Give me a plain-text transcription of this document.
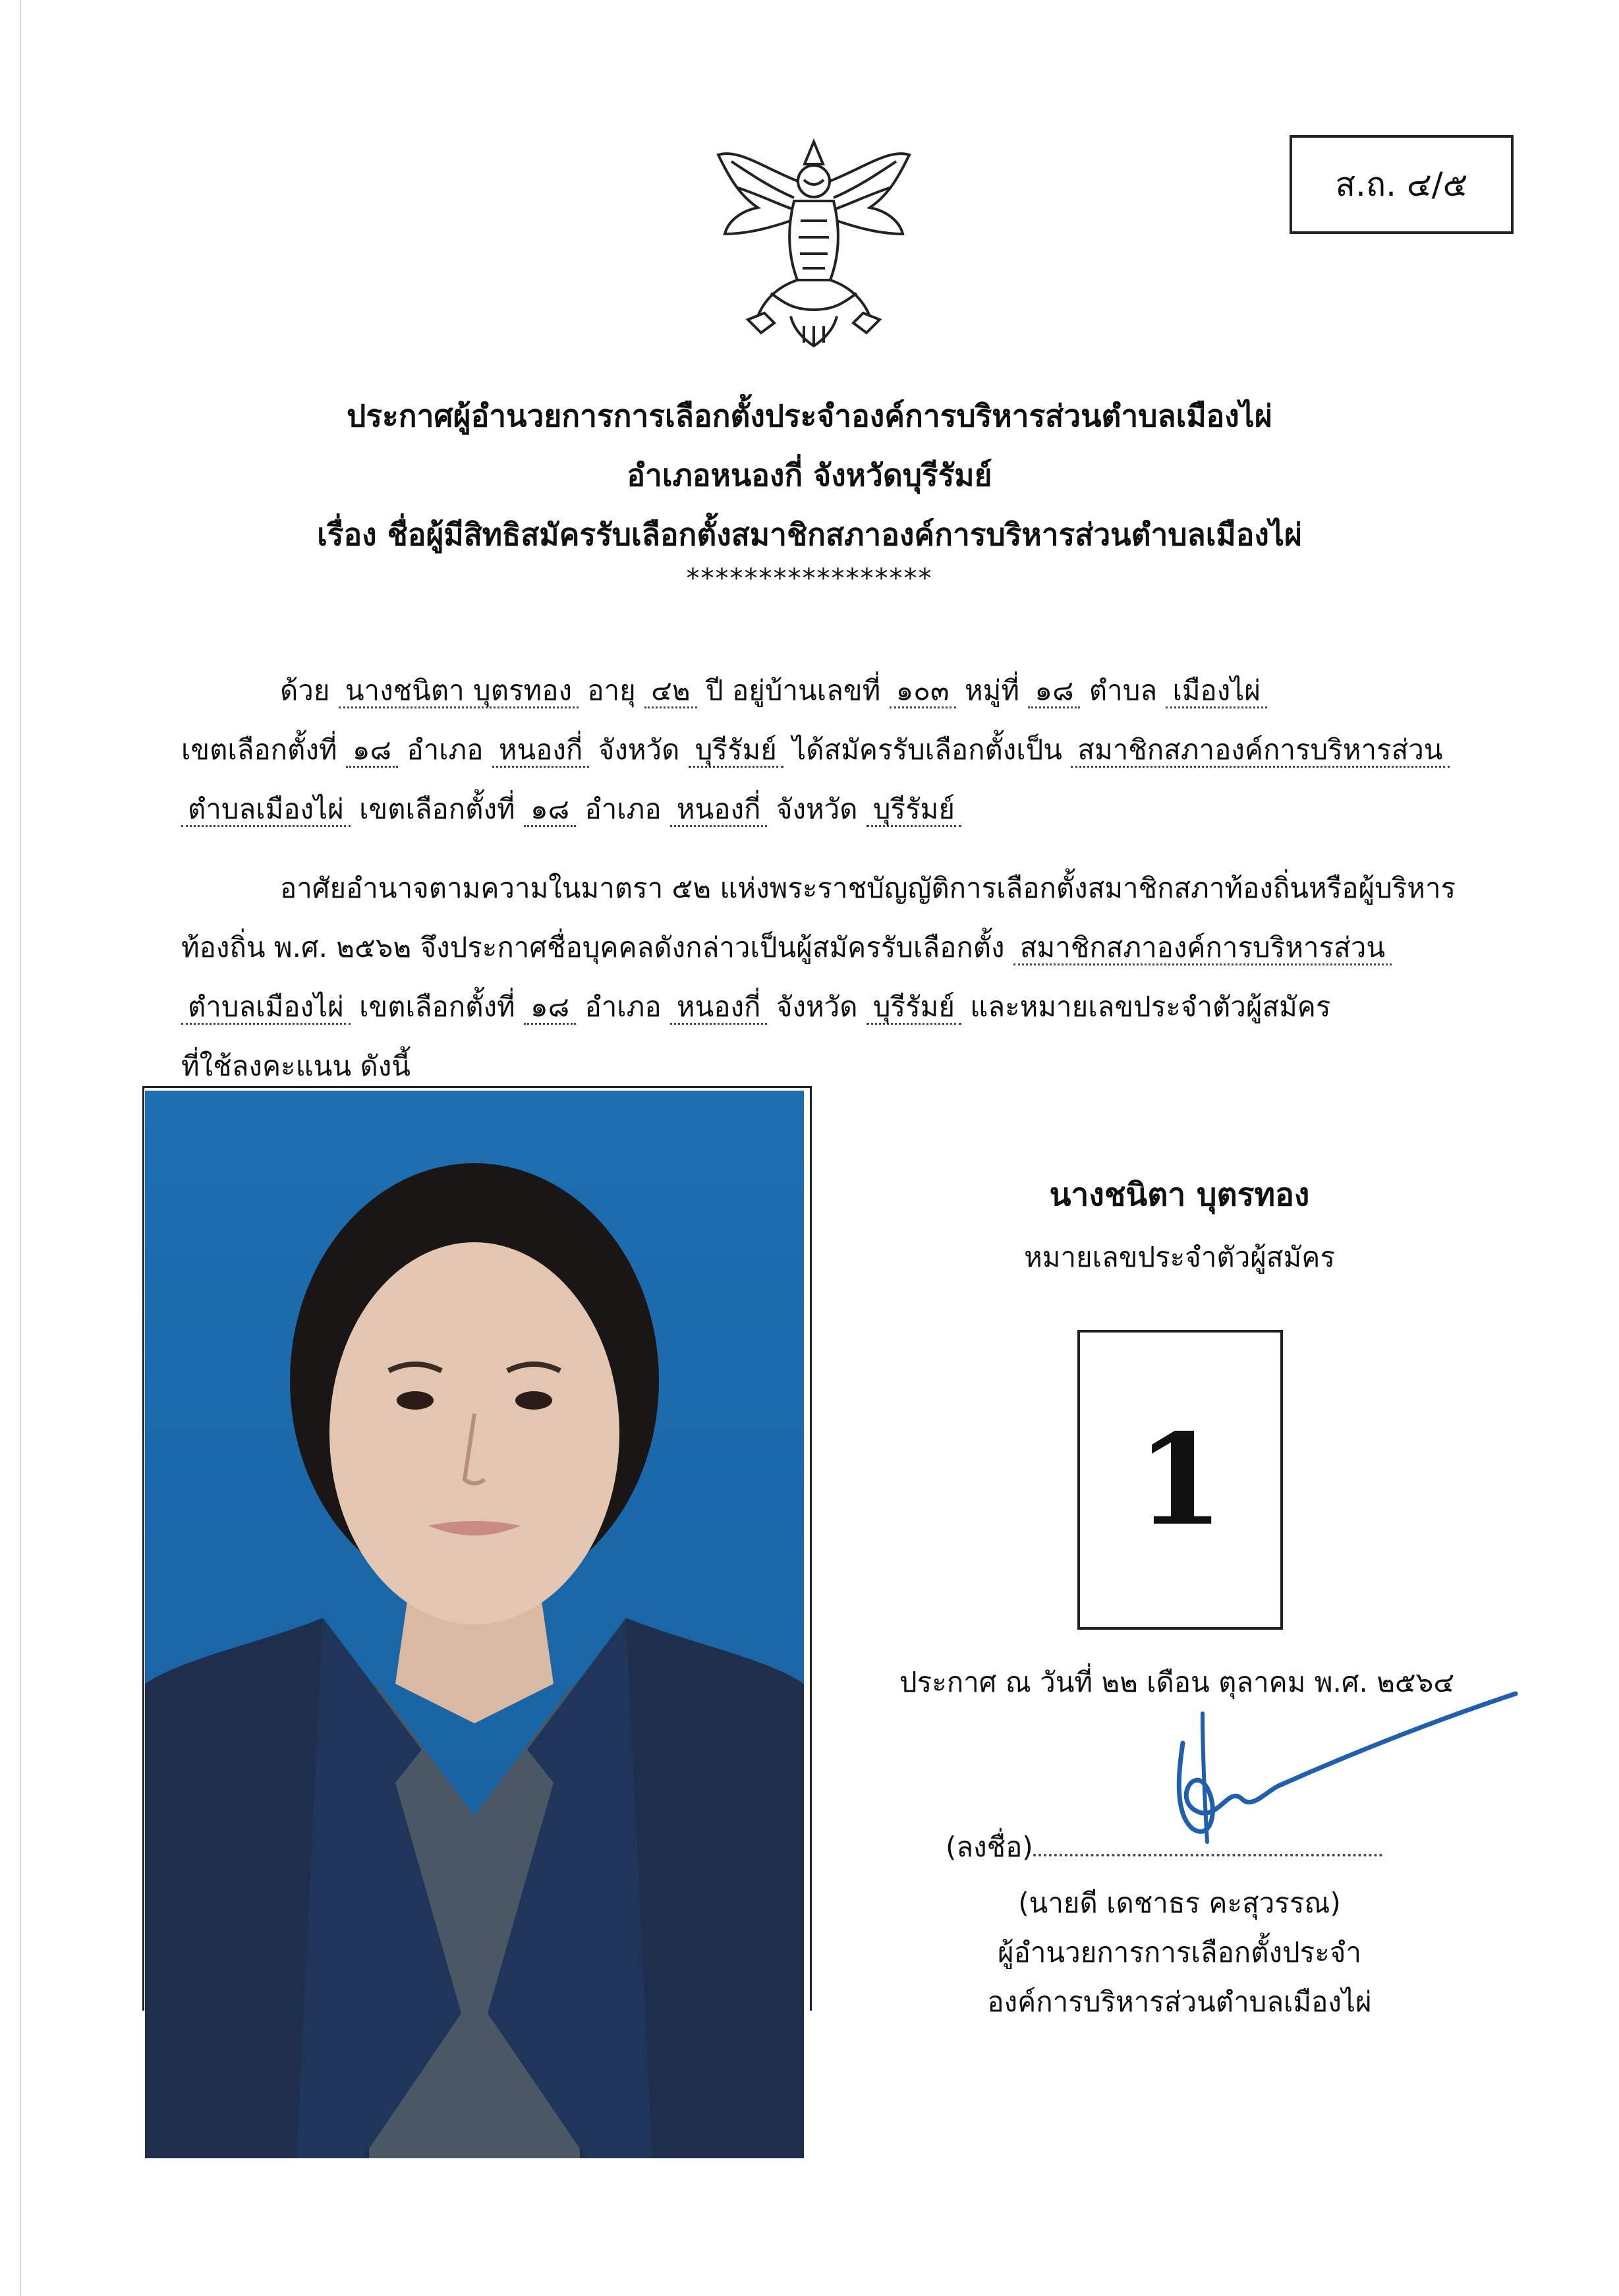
ส.ถ. ๔/๕
ประกาศผู้อำนวยการการเลือกตั้งประจำองค์การบริหารส่วนตำบลเมืองไผ่
อำเภอหนองกี่ จังหวัดบุรีรัมย์
เรื่อง ชื่อผู้มีสิทธิสมัครรับเลือกตั้งสมาชิกสภาองค์การบริหารส่วนตำบลเมืองไผ่
*****************
ด้วย นางชนิตา บุตรทอง อายุ ๔๒ ปี อยู่บ้านเลขที่ ๑๐๓ หมู่ที่ ๑๘ ตำบล เมืองไผ่
เขตเลือกตั้งที่ ๑๘ อำเภอ หนองกี่ จังหวัด บุรีรัมย์ ได้สมัครรับเลือกตั้งเป็น สมาชิกสภาองค์การบริหารส่วน
ตำบลเมืองไผ่ เขตเลือกตั้งที่ ๑๘ อำเภอ หนองกี่ จังหวัด บุรีรัมย์
อาศัยอำนาจตามความในมาตรา ๕๒ แห่งพระราชบัญญัติการเลือกตั้งสมาชิกสภาท้องถิ่นหรือผู้บริหาร
ท้องถิ่น พ.ศ. ๒๕๖๒ จึงประกาศชื่อบุคคลดังกล่าวเป็นผู้สมัครรับเลือกตั้ง สมาชิกสภาองค์การบริหารส่วน
ตำบลเมืองไผ่ เขตเลือกตั้งที่ ๑๘ อำเภอ หนองกี่ จังหวัด บุรีรัมย์ และหมายเลขประจำตัวผู้สมัคร
ที่ใช้ลงคะแนน ดังนี้
นางชนิตา บุตรทอง
หมายเลขประจำตัวผู้สมัคร
1
ประกาศ ณ วันที่ ๒๒ เดือน ตุลาคม พ.ศ. ๒๕๖๔
(ลงชื่อ)
(นายดี เดชาธร คะสุวรรณ)
ผู้อำนวยการการเลือกตั้งประจำ
องค์การบริหารส่วนตำบลเมืองไผ่
